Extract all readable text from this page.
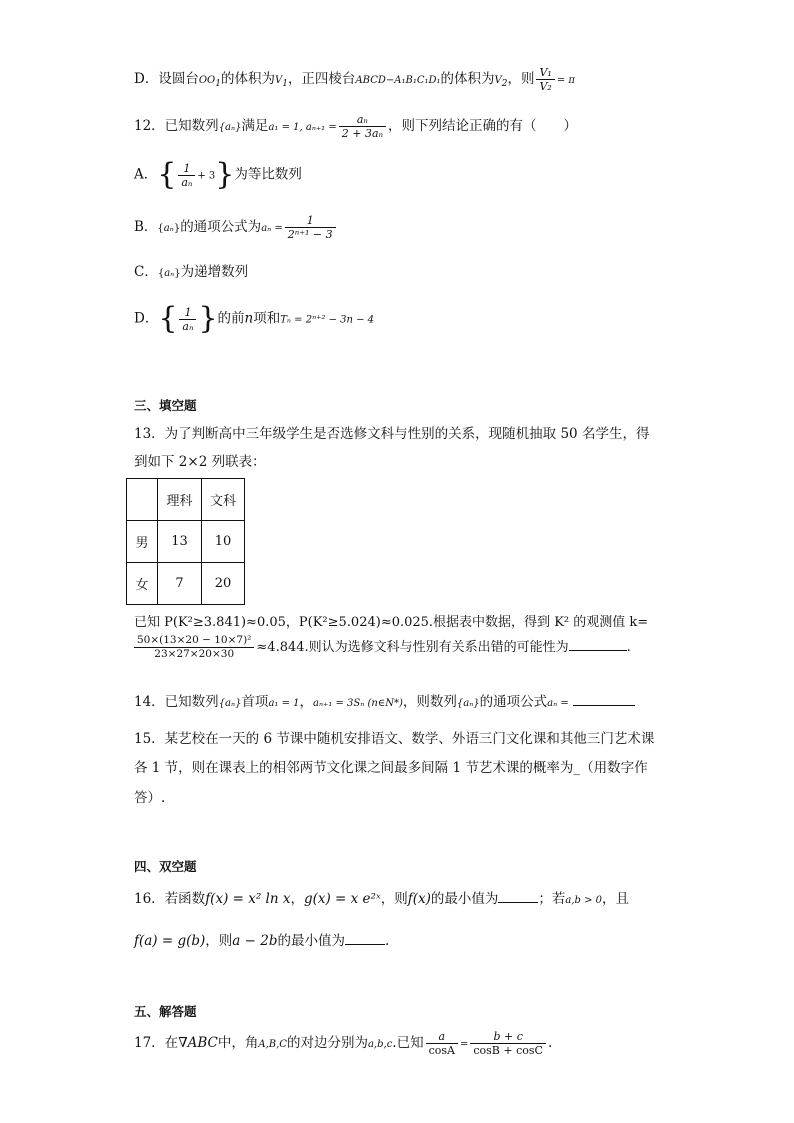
D．设圆台OO1的体积为V1，正四棱台ABCD−A₁B₁C₁D₁的体积为V2，则 $\frac{\text{V₁}}{\text{V₂}} = \pi$
12．已知数列{aₙ}满足a₁ = 1, $a_{n+1} = \frac{\text{aₙ}}{\text{2 + 3aₙ}}$ ，则下列结论正确的有（　　）
A．{ $\frac{1}{\text{aₙ}} + 3$}为等比数列
B．{aₙ}的通项公式为$a_n = \frac{1}{\text{2ⁿ⁺¹ − 3}}$
C．{aₙ}为递增数列
D．{ $\frac{1}{\text{aₙ}}$ }的前n项和Tₙ = 2ⁿ⁺² − 3n − 4
三、填空题
13．为了判断高中三年级学生是否选修文科与性别的关系，现随机抽取 50 名学生，得
到如下 2×2 列联表：
	理科	文科
男	13	10
女	7	20
已知 P(K²≥3.841)≈0.05，P(K²≥5.024)≈0.025.根据表中数据，得到 K² 的观测值 k=
$\frac{\text{50×(13×20 − 10×7)²}}{23\times 27\times 20\times 30} \approx 4.844$.则认为选修文科与性别有关系出错的可能性为	.
14．已知数列{aₙ}首项a₁ = 1，aₙ₊₁ = 3Sₙ (n∈N*)，则数列{aₙ}的通项公式aₙ =
15．某艺校在一天的 6 节课中随机安排语文、数学、外语三门文化课和其他三门艺术课
各 1 节，则在课表上的相邻两节文化课之间最多间隔 1 节艺术课的概率为_（用数字作
答）.
四、双空题
16．若函数f(x) = x² ln x，g(x) = x e²ˣ，则f(x)的最小值为	；若a,b > 0，且
f(a) = g(b)，则a − 2b的最小值为	.
五、解答题
17．在∇ABC中，角A,B,C的对边分别为a,b,c.已知 $\frac{a}{\cos A} = \frac{b + c}{\cos B + \cos C}$ .
